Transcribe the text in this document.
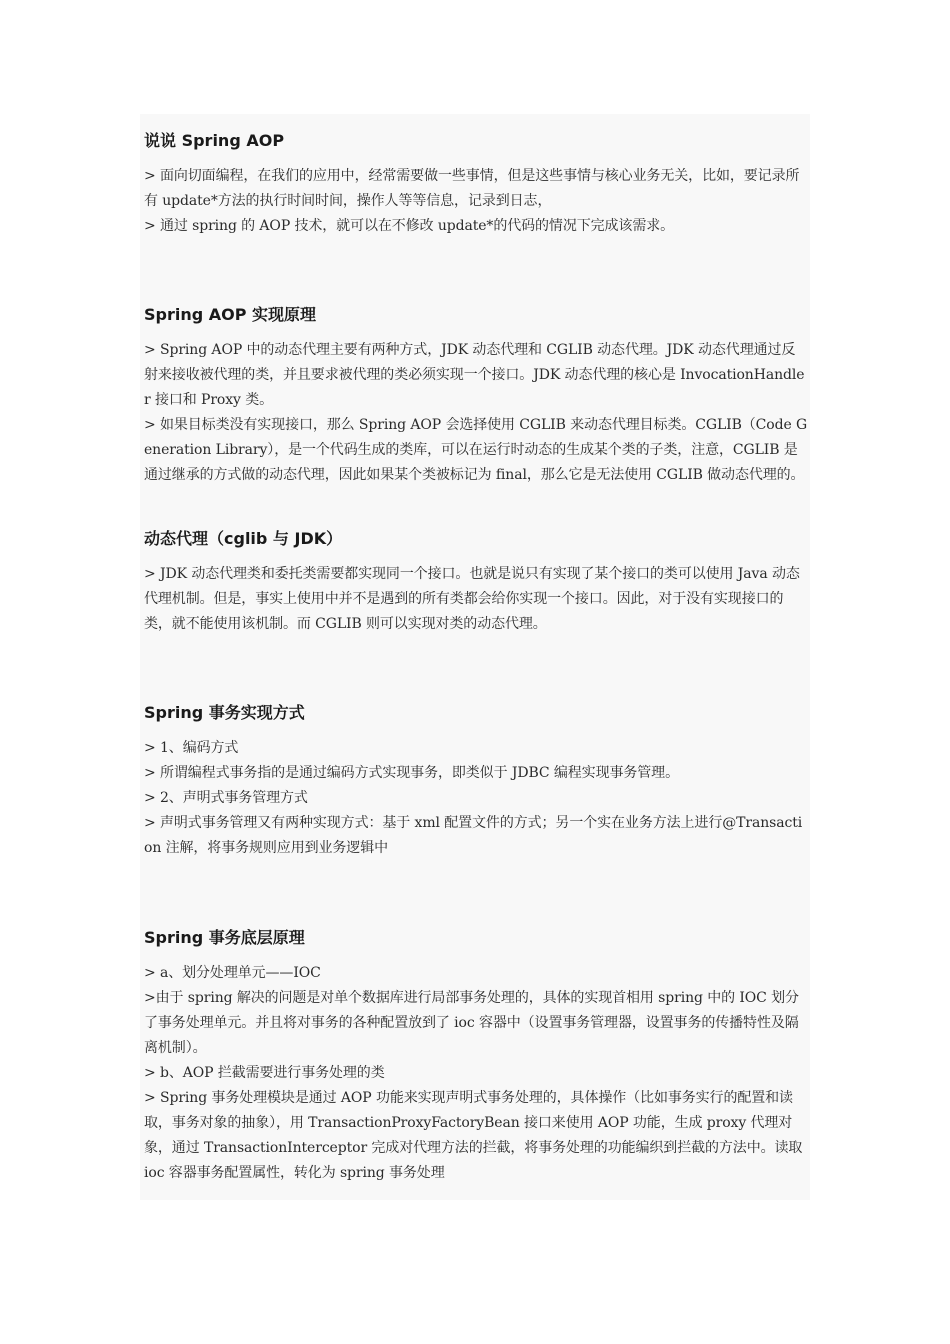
说说 Spring AOP

> 面向切面编程，在我们的应用中，经常需要做一些事情，但是这些事情与核心业务无关，比如，要记录所有 update*方法的执行时间时间，操作人等等信息，记录到日志，

> 通过 spring 的 AOP 技术，就可以在不修改 update*的代码的情况下完成该需求。

Spring AOP 实现原理

> Spring AOP 中的动态代理主要有两种方式，JDK 动态代理和 CGLIB 动态代理。JDK 动态代理通过反射来接收被代理的类，并且要求被代理的类必须实现一个接口。JDK 动态代理的核心是 InvocationHandler 接口和 Proxy 类。

> 如果目标类没有实现接口，那么 Spring AOP 会选择使用 CGLIB 来动态代理目标类。CGLIB（Code Generation Library），是一个代码生成的类库，可以在运行时动态的生成某个类的子类，注意，CGLIB 是通过继承的方式做的动态代理，因此如果某个类被标记为 final，那么它是无法使用 CGLIB 做动态代理的。

动态代理（cglib 与 JDK）

> JDK 动态代理类和委托类需要都实现同一个接口。也就是说只有实现了某个接口的类可以使用 Java 动态代理机制。但是，事实上使用中并不是遇到的所有类都会给你实现一个接口。因此，对于没有实现接口的类，就不能使用该机制。而 CGLIB 则可以实现对类的动态代理。

Spring 事务实现方式

> 1、编码方式

> 所谓编程式事务指的是通过编码方式实现事务，即类似于 JDBC 编程实现事务管理。

> 2、声明式事务管理方式

> 声明式事务管理又有两种实现方式：基于 xml 配置文件的方式；另一个实在业务方法上进行@Transaction 注解，将事务规则应用到业务逻辑中

Spring 事务底层原理

> a、划分处理单元——IOC

>由于 spring 解决的问题是对单个数据库进行局部事务处理的，具体的实现首相用 spring 中的 IOC 划分了事务处理单元。并且将对事务的各种配置放到了 ioc 容器中（设置事务管理器，设置事务的传播特性及隔离机制）。

> b、AOP 拦截需要进行事务处理的类

> Spring 事务处理模块是通过 AOP 功能来实现声明式事务处理的，具体操作（比如事务实行的配置和读取，事务对象的抽象），用 TransactionProxyFactoryBean 接口来使用 AOP 功能，生成 proxy 代理对象，通过 TransactionInterceptor 完成对代理方法的拦截，将事务处理的功能编织到拦截的方法中。读取 ioc 容器事务配置属性，转化为 spring 事务处理
